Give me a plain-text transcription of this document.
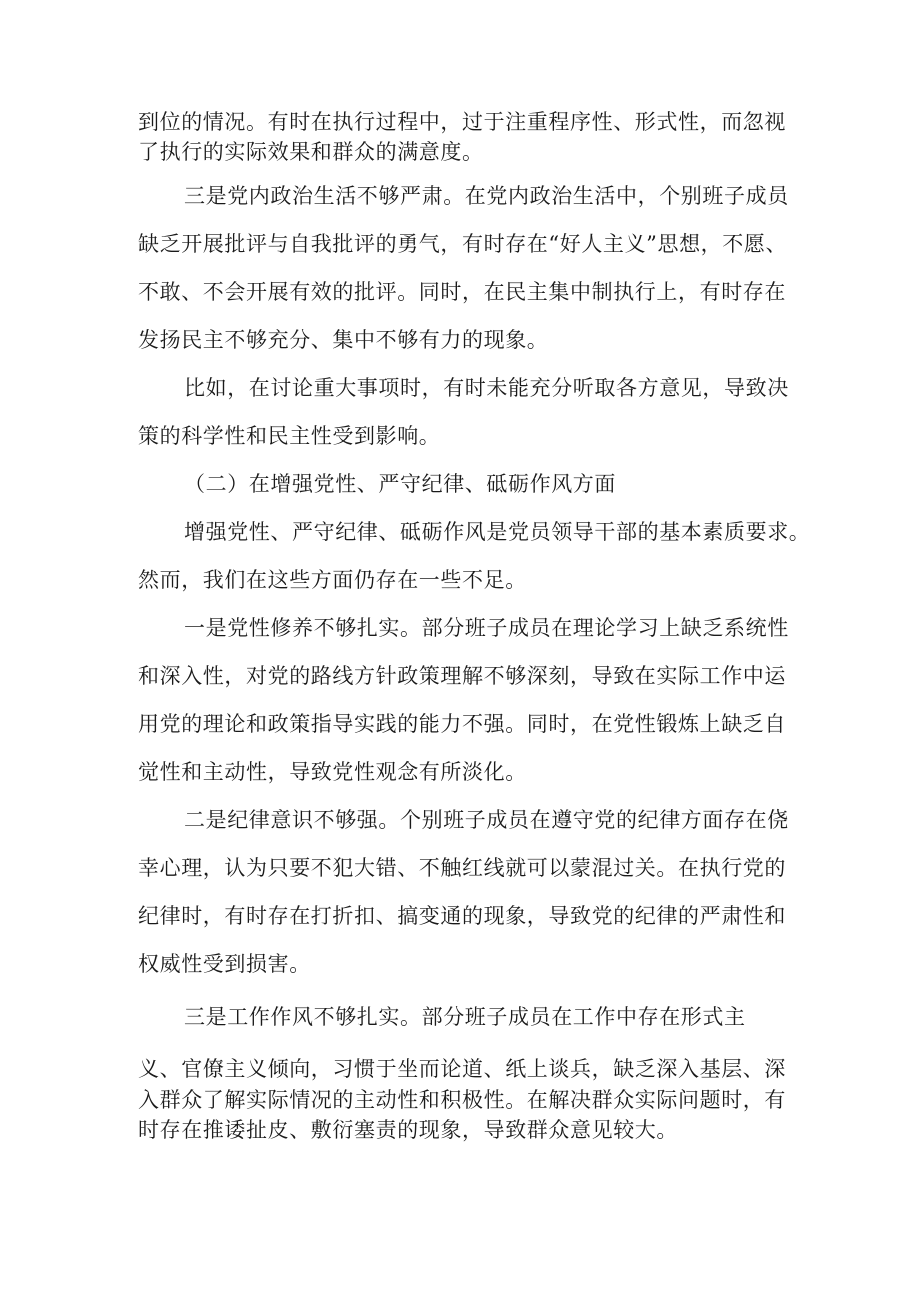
到位的情况。有时在执行过程中，过于注重程序性、形式性，而忽视

了执行的实际效果和群众的满意度。

三是党内政治生活不够严肃。在党内政治生活中，个别班子成员

缺乏开展批评与自我批评的勇气，有时存在“好人主义”思想，不愿、

不敢、不会开展有效的批评。同时，在民主集中制执行上，有时存在

发扬民主不够充分、集中不够有力的现象。

比如，在讨论重大事项时，有时未能充分听取各方意见，导致决

策的科学性和民主性受到影响。

（二）在增强党性、严守纪律、砥砺作风方面

增强党性、严守纪律、砥砺作风是党员领导干部的基本素质要求。

然而，我们在这些方面仍存在一些不足。

一是党性修养不够扎实。部分班子成员在理论学习上缺乏系统性

和深入性，对党的路线方针政策理解不够深刻，导致在实际工作中运

用党的理论和政策指导实践的能力不强。同时，在党性锻炼上缺乏自

觉性和主动性，导致党性观念有所淡化。

二是纪律意识不够强。个别班子成员在遵守党的纪律方面存在侥

幸心理，认为只要不犯大错、不触红线就可以蒙混过关。在执行党的

纪律时，有时存在打折扣、搞变通的现象，导致党的纪律的严肃性和

权威性受到损害。

三是工作作风不够扎实。部分班子成员在工作中存在形式主

义、官僚主义倾向，习惯于坐而论道、纸上谈兵，缺乏深入基层、深

入群众了解实际情况的主动性和积极性。在解决群众实际问题时，有

时存在推诿扯皮、敷衍塞责的现象，导致群众意见较大。
